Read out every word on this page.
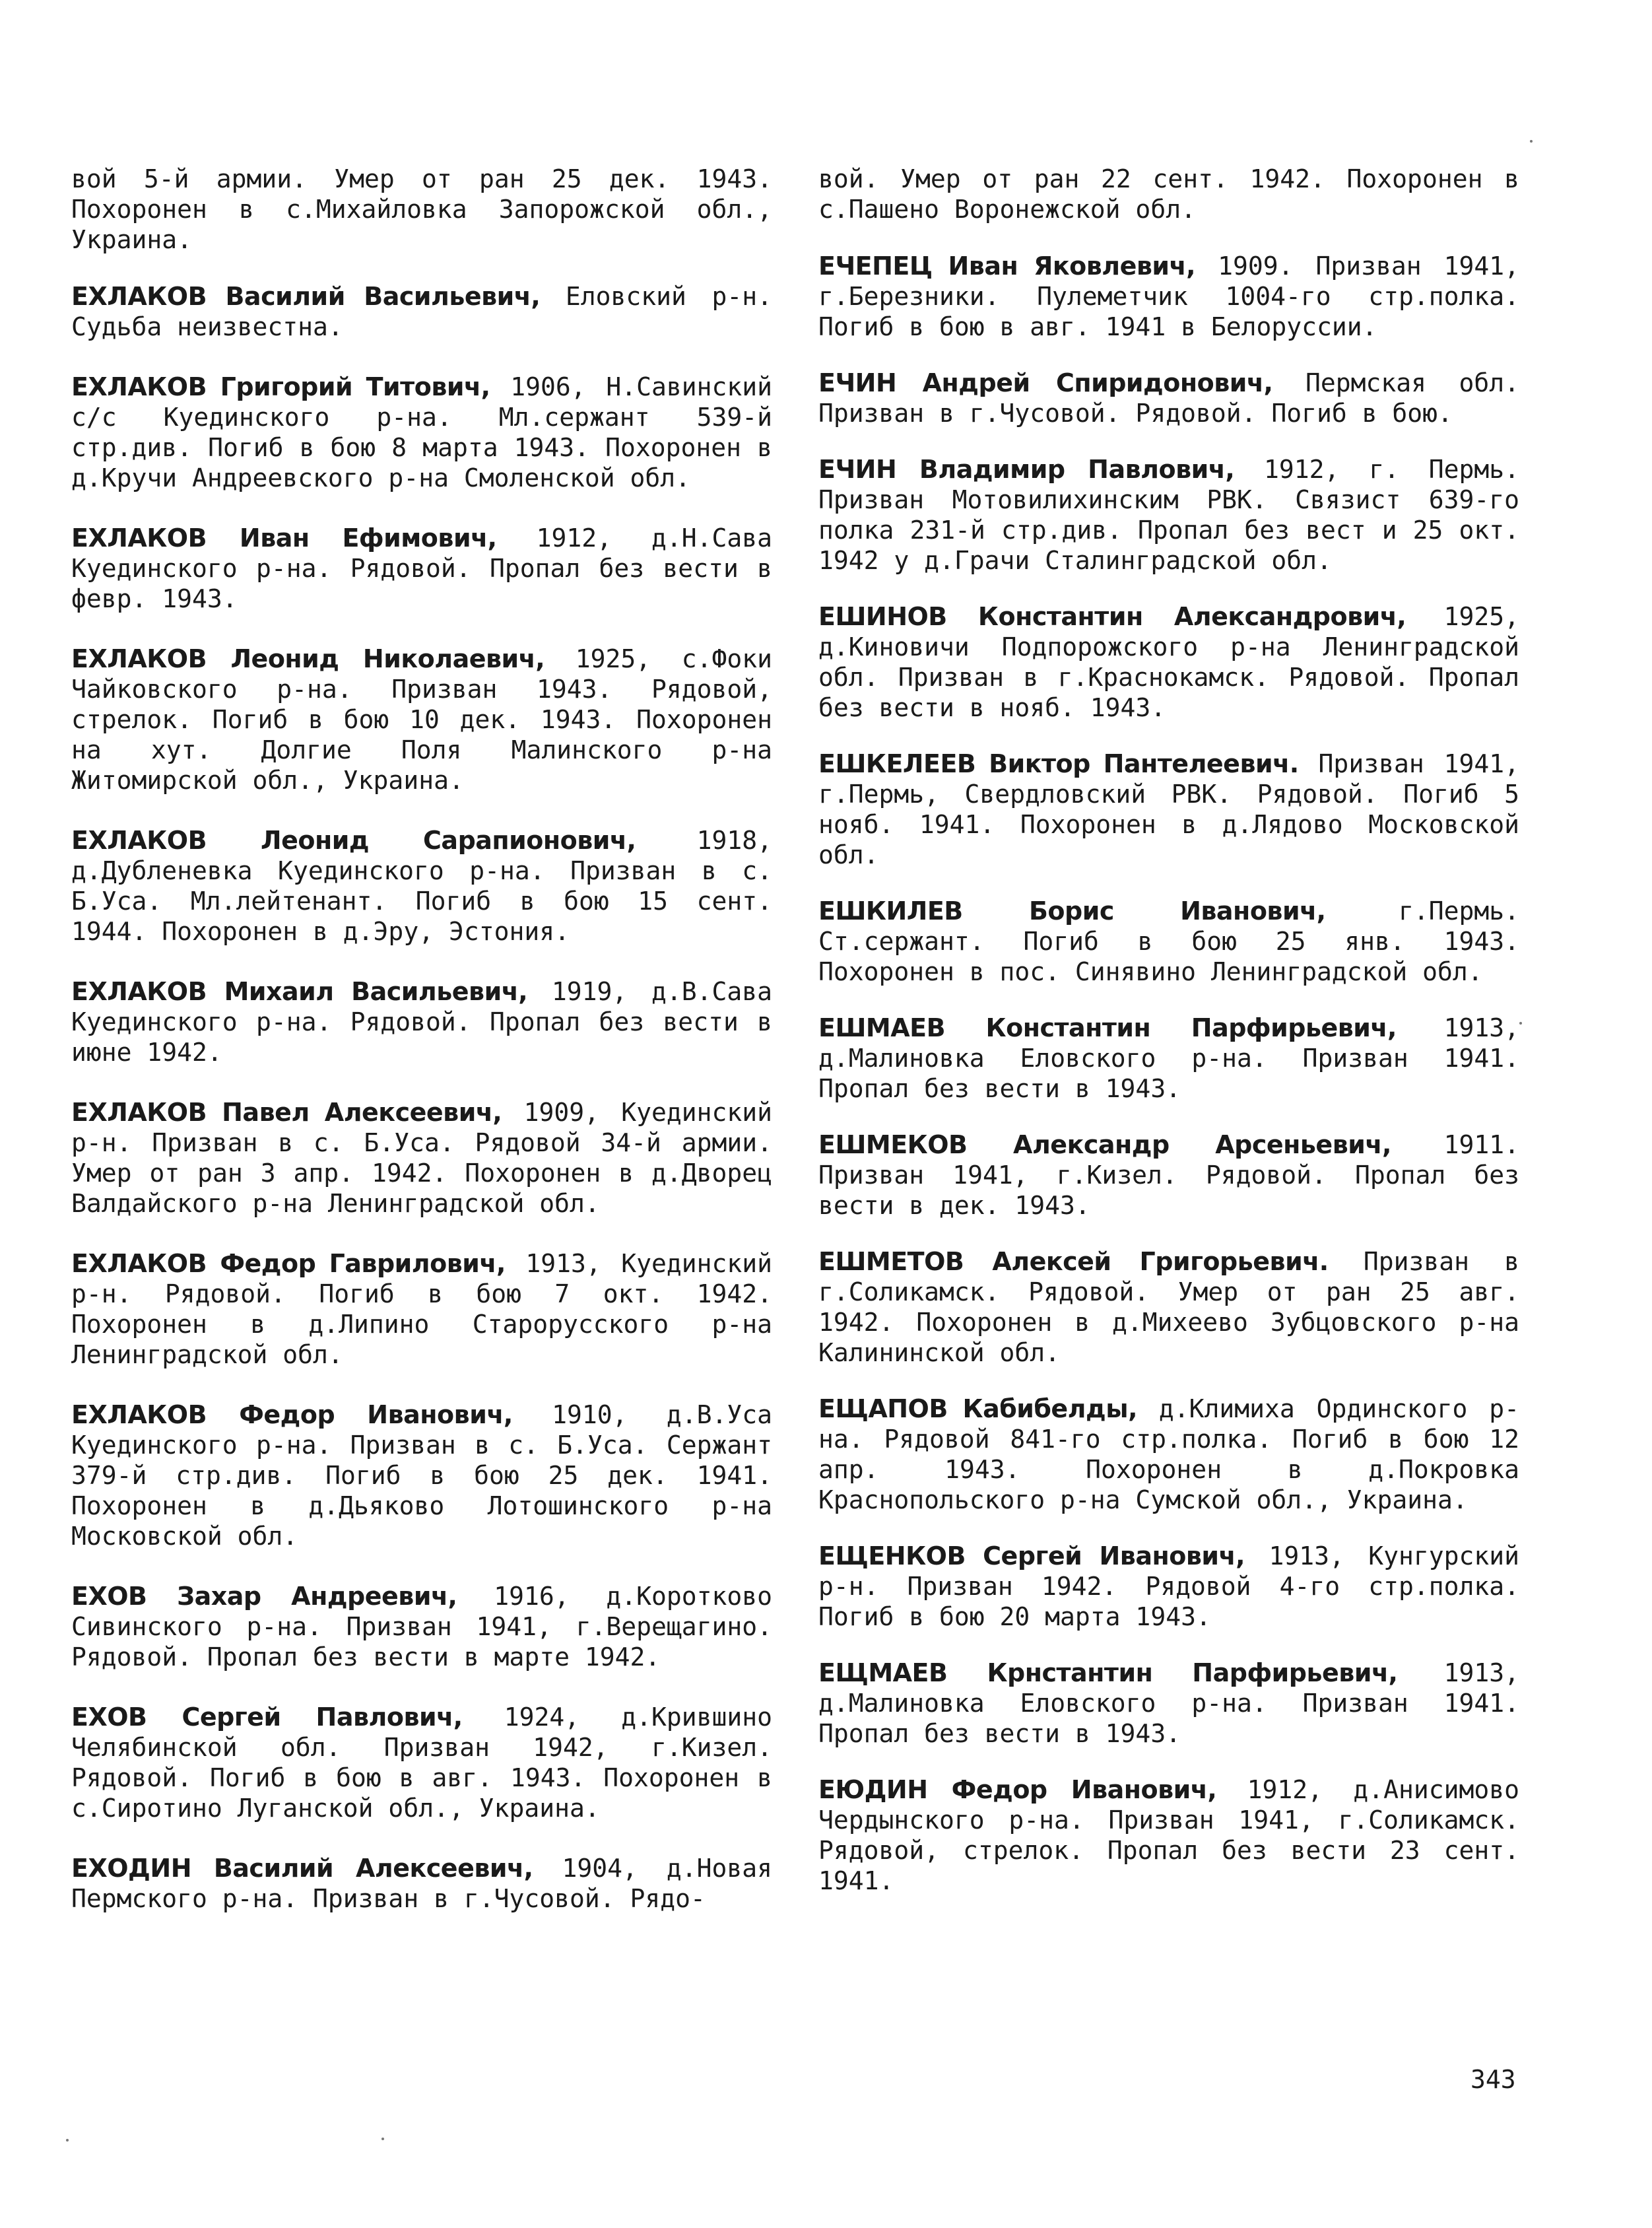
вой 5-й армии. Умер от ран 25 дек. 1943. Похоронен в с.Михайловка Запорожской обл., Украина.

ЕХЛАКОВ Василий Васильевич, Еловский р-н. Судьба неизвестна.

ЕХЛАКОВ Григорий Титович, 1906, Н.Савинский с/с Куединского р-на. Мл.сержант 539-й стр.див. Погиб в бою 8 марта 1943. Похоронен в д.Кручи Андреевского р-на Смоленской обл.

ЕХЛАКОВ Иван Ефимович, 1912, д.Н.Сава Куединского р-на. Рядовой. Пропал без вести в февр. 1943.

ЕХЛАКОВ Леонид Николаевич, 1925, с.Фоки Чайковского р-на. Призван 1943. Рядовой, стрелок. Погиб в бою 10 дек. 1943. Похоронен на хут. Долгие Поля Малинского р-на Житомирской обл., Украина.

ЕХЛАКОВ Леонид Сарапионович, 1918, д.Дубленевка Куединского р-на. Призван в с. Б.Уса. Мл.лейтенант. Погиб в бою 15 сент. 1944. Похоронен в д.Эру, Эстония.

ЕХЛАКОВ Михаил Васильевич, 1919, д.В.Сава Куединского р-на. Рядовой. Пропал без вести в июне 1942.

ЕХЛАКОВ Павел Алексеевич, 1909, Куединский р-н. Призван в с. Б.Уса. Рядовой 34-й армии. Умер от ран 3 апр. 1942. Похоронен в д.Дворец Валдайского р-на Ленинградской обл.

ЕХЛАКОВ Федор Гаврилович, 1913, Куединский р-н. Рядовой. Погиб в бою 7 окт. 1942. Похоронен в д.Липино Старорусского р-на Ленинградской обл.

ЕХЛАКОВ Федор Иванович, 1910, д.В.Уса Куединского р-на. Призван в с. Б.Уса. Сержант 379-й стр.див. Погиб в бою 25 дек. 1941. Похоронен в д.Дьяково Лотошинского р-на Московской обл.

ЕХОВ Захар Андреевич, 1916, д.Коротково Сивинского р-на. Призван 1941, г.Верещагино. Рядовой. Пропал без вести в марте 1942.

ЕХОВ Сергей Павлович, 1924, д.Крившино Челябинской обл. Призван 1942, г.Кизел. Рядовой. Погиб в бою в авг. 1943. Похоронен в с.Сиротино Луганской обл., Украина.

ЕХОДИН Василий Алексеевич, 1904, д.Новая Пермского р-на. Призван в г.Чусовой. Рядо-

вой. Умер от ран 22 сент. 1942. Похоронен в с.Пашено Воронежской обл.

ЕЧЕПЕЦ Иван Яковлевич, 1909. Призван 1941, г.Березники. Пулеметчик 1004-го стр.полка. Погиб в бою в авг. 1941 в Белоруссии.

ЕЧИН Андрей Спиридонович, Пермская обл. Призван в г.Чусовой. Рядовой. Погиб в бою.

ЕЧИН Владимир Павлович, 1912, г. Пермь. Призван Мотовилихинским РВК. Связист 639-го полка 231-й стр.див. Пропал без вест и 25 окт. 1942 у д.Грачи Сталинградской обл.

ЕШИНОВ Константин Александрович, 1925, д.Киновичи Подпорожского р-на Ленинградской обл. Призван в г.Краснокамск. Рядовой. Пропал без вести в нояб. 1943.

ЕШКЕЛЕЕВ Виктор Пантелеевич. Призван 1941, г.Пермь, Свердловский РВК. Рядовой. Погиб 5 нояб. 1941. Похоронен в д.Лядово Московской обл.

ЕШКИЛЕВ Борис Иванович, г.Пермь. Ст.сержант. Погиб в бою 25 янв. 1943. Похоронен в пос. Синявино Ленинградской обл.

ЕШМАЕВ Константин Парфирьевич, 1913, д.Малиновка Еловского р-на. Призван 1941. Пропал без вести в 1943.

ЕШМЕКОВ Александр Арсеньевич, 1911. Призван 1941, г.Кизел. Рядовой. Пропал без вести в дек. 1943.

ЕШМЕТОВ Алексей Григорьевич. Призван в г.Соликамск. Рядовой. Умер от ран 25 авг. 1942. Похоронен в д.Михеево Зубцовского р-на Калининской обл.

ЕЩАПОВ Кабибелды, д.Климиха Ординского р-на. Рядовой 841-го стр.полка. Погиб в бою 12 апр. 1943. Похоронен в д.Покровка Краснопольского р-на Сумской обл., Украина.

ЕЩЕНКОВ Сергей Иванович, 1913, Кунгурский р-н. Призван 1942. Рядовой 4-го стр.полка. Погиб в бою 20 марта 1943.

ЕЩМАЕВ Крнстантин Парфирьевич, 1913, д.Малиновка Еловского р-на. Призван 1941. Пропал без вести в 1943.

ЕЮДИН Федор Иванович, 1912, д.Анисимово Чердынского р-на. Призван 1941, г.Соликамск. Рядовой, стрелок. Пропал без вести 23 сент. 1941.

343
